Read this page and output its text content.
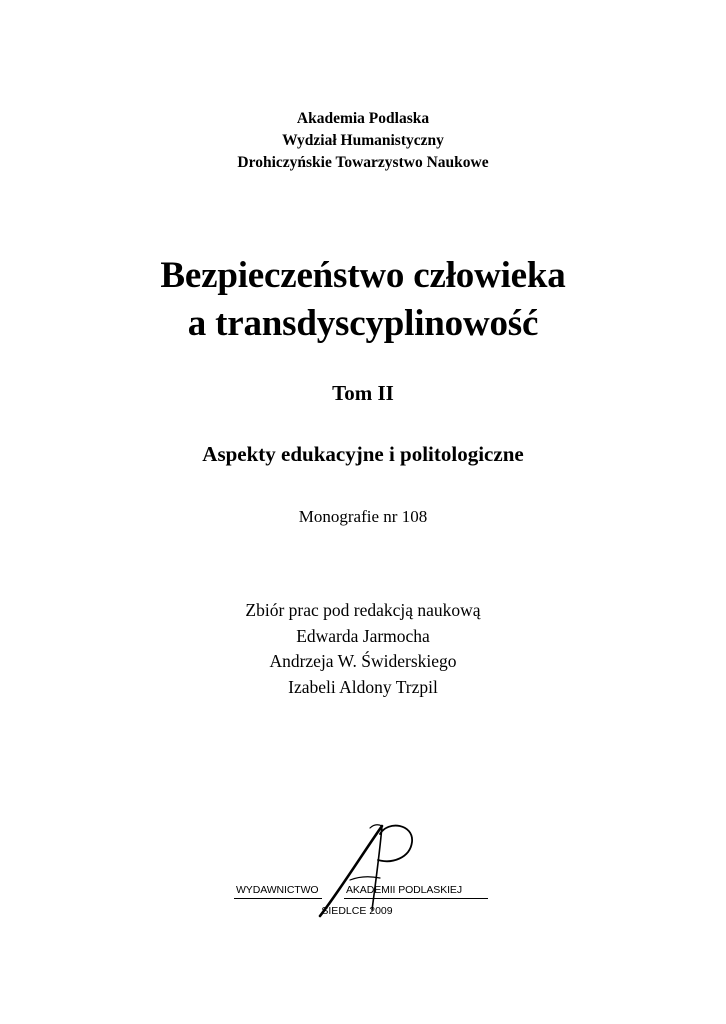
Akademia Podlaska
Wydział Humanistyczny
Drohiczyńskie Towarzystwo Naukowe
Bezpieczeństwo człowieka
a transdyscyplinowość
Tom II
Aspekty edukacyjne i politologiczne
Monografie nr 108
Zbiór prac pod redakcją naukową
Edwarda Jarmocha
Andrzeja W. Świderskiego
Izabeli Aldony Trzpil
WYDAWNICTWO	AKADEMII PODLASKIEJ
SIEDLCE 2009
